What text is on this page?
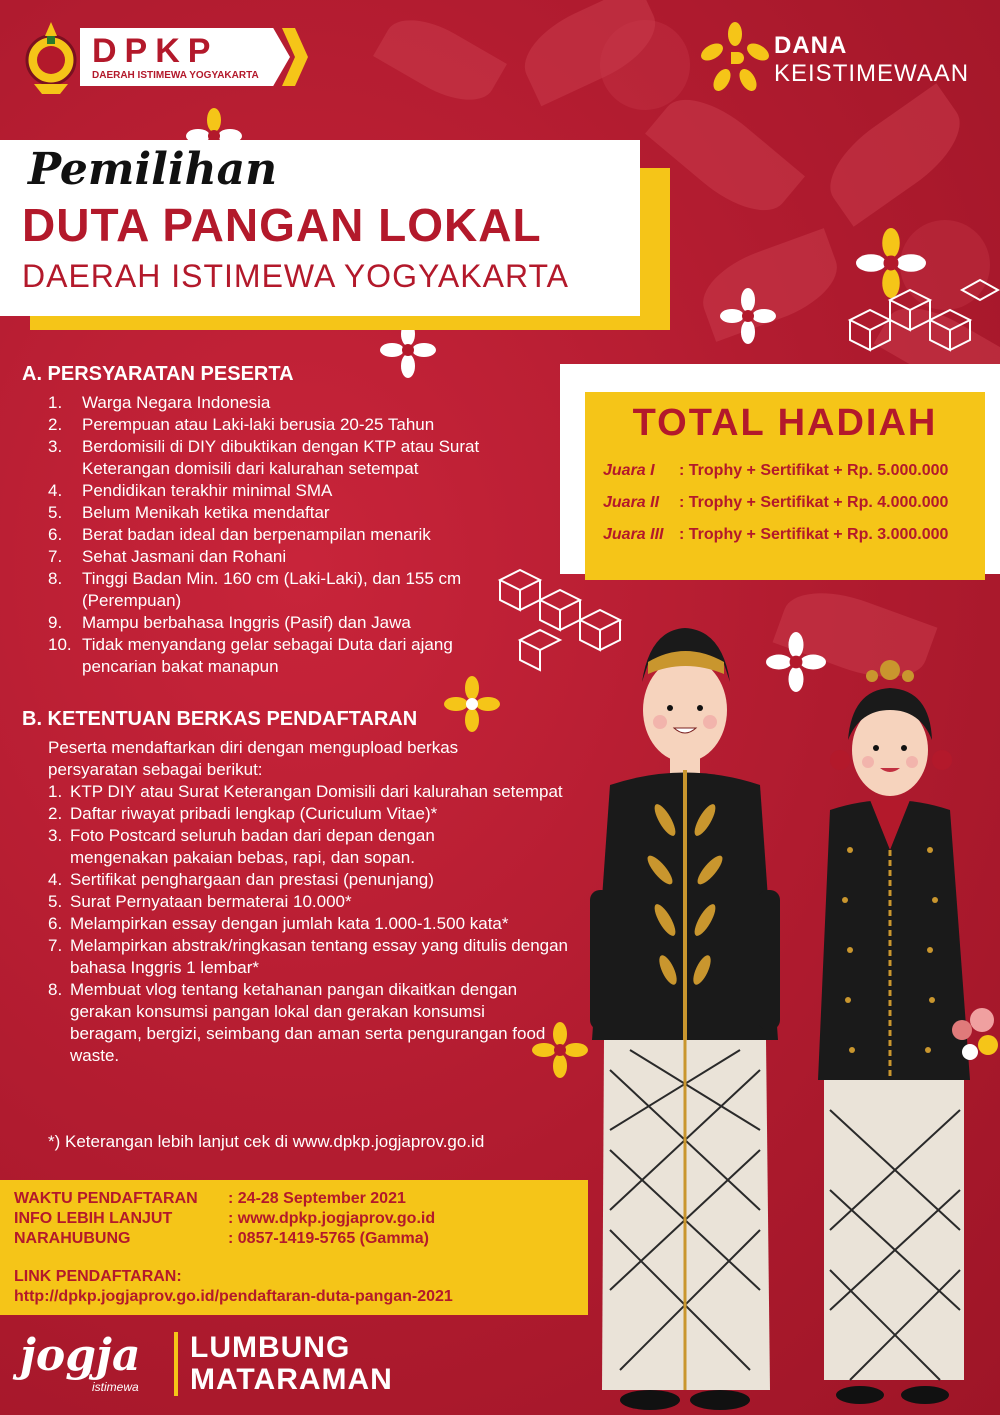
DPKP
DAERAH ISTIMEWA YOGYAKARTA
DANA
KEISTIMEWAAN
Pemilihan
DUTA PANGAN LOKAL
DAERAH ISTIMEWA YOGYAKARTA
TOTAL HADIAH
Juara I : Trophy + Sertifikat + Rp. 5.000.000
Juara II : Trophy + Sertifikat + Rp. 4.000.000
Juara III : Trophy + Sertifikat + Rp. 3.000.000
A. PERSYARATAN PESERTA
1. Warga Negara Indonesia
2. Perempuan atau Laki-laki berusia 20-25 Tahun
3. Berdomisili di DIY dibuktikan dengan KTP atau Surat Keterangan domisili dari kalurahan setempat
4. Pendidikan terakhir minimal SMA
5. Belum Menikah ketika mendaftar
6. Berat badan ideal dan berpenampilan menarik
7. Sehat Jasmani dan Rohani
8. Tinggi Badan Min. 160 cm (Laki-Laki), dan 155 cm (Perempuan)
9. Mampu berbahasa Inggris (Pasif) dan Jawa
10. Tidak menyandang gelar sebagai Duta dari ajang pencarian bakat manapun
B. KETENTUAN BERKAS PENDAFTARAN
Peserta mendaftarkan diri dengan mengupload berkas persyaratan sebagai berikut:
1. KTP DIY atau Surat Keterangan Domisili dari kalurahan setempat
2. Daftar riwayat pribadi lengkap (Curiculum Vitae)*
3. Foto Postcard seluruh badan dari depan dengan mengenakan pakaian bebas, rapi, dan sopan.
4. Sertifikat penghargaan dan prestasi (penunjang)
5. Surat Pernyataan bermaterai 10.000*
6. Melampirkan essay dengan jumlah kata 1.000-1.500 kata*
7. Melampirkan abstrak/ringkasan tentang essay yang ditulis dengan bahasa Inggris 1 lembar*
8. Membuat vlog tentang ketahanan pangan dikaitkan dengan gerakan konsumsi pangan lokal dan gerakan konsumsi beragam, bergizi, seimbang dan aman serta pengurangan food waste.
*) Keterangan lebih lanjut cek di www.dpkp.jogjaprov.go.id
WAKTU PENDAFTARAN : 24-28 September 2021
INFO LEBIH LANJUT	: www.dpkp.jogjaprov.go.id
NARAHUBUNG	: 0857-1419-5765 (Gamma)
LINK PENDAFTARAN:
http://dpkp.jogjaprov.go.id/pendaftaran-duta-pangan-2021
jogja
istimewa
LUMBUNG
MATARAMAN
